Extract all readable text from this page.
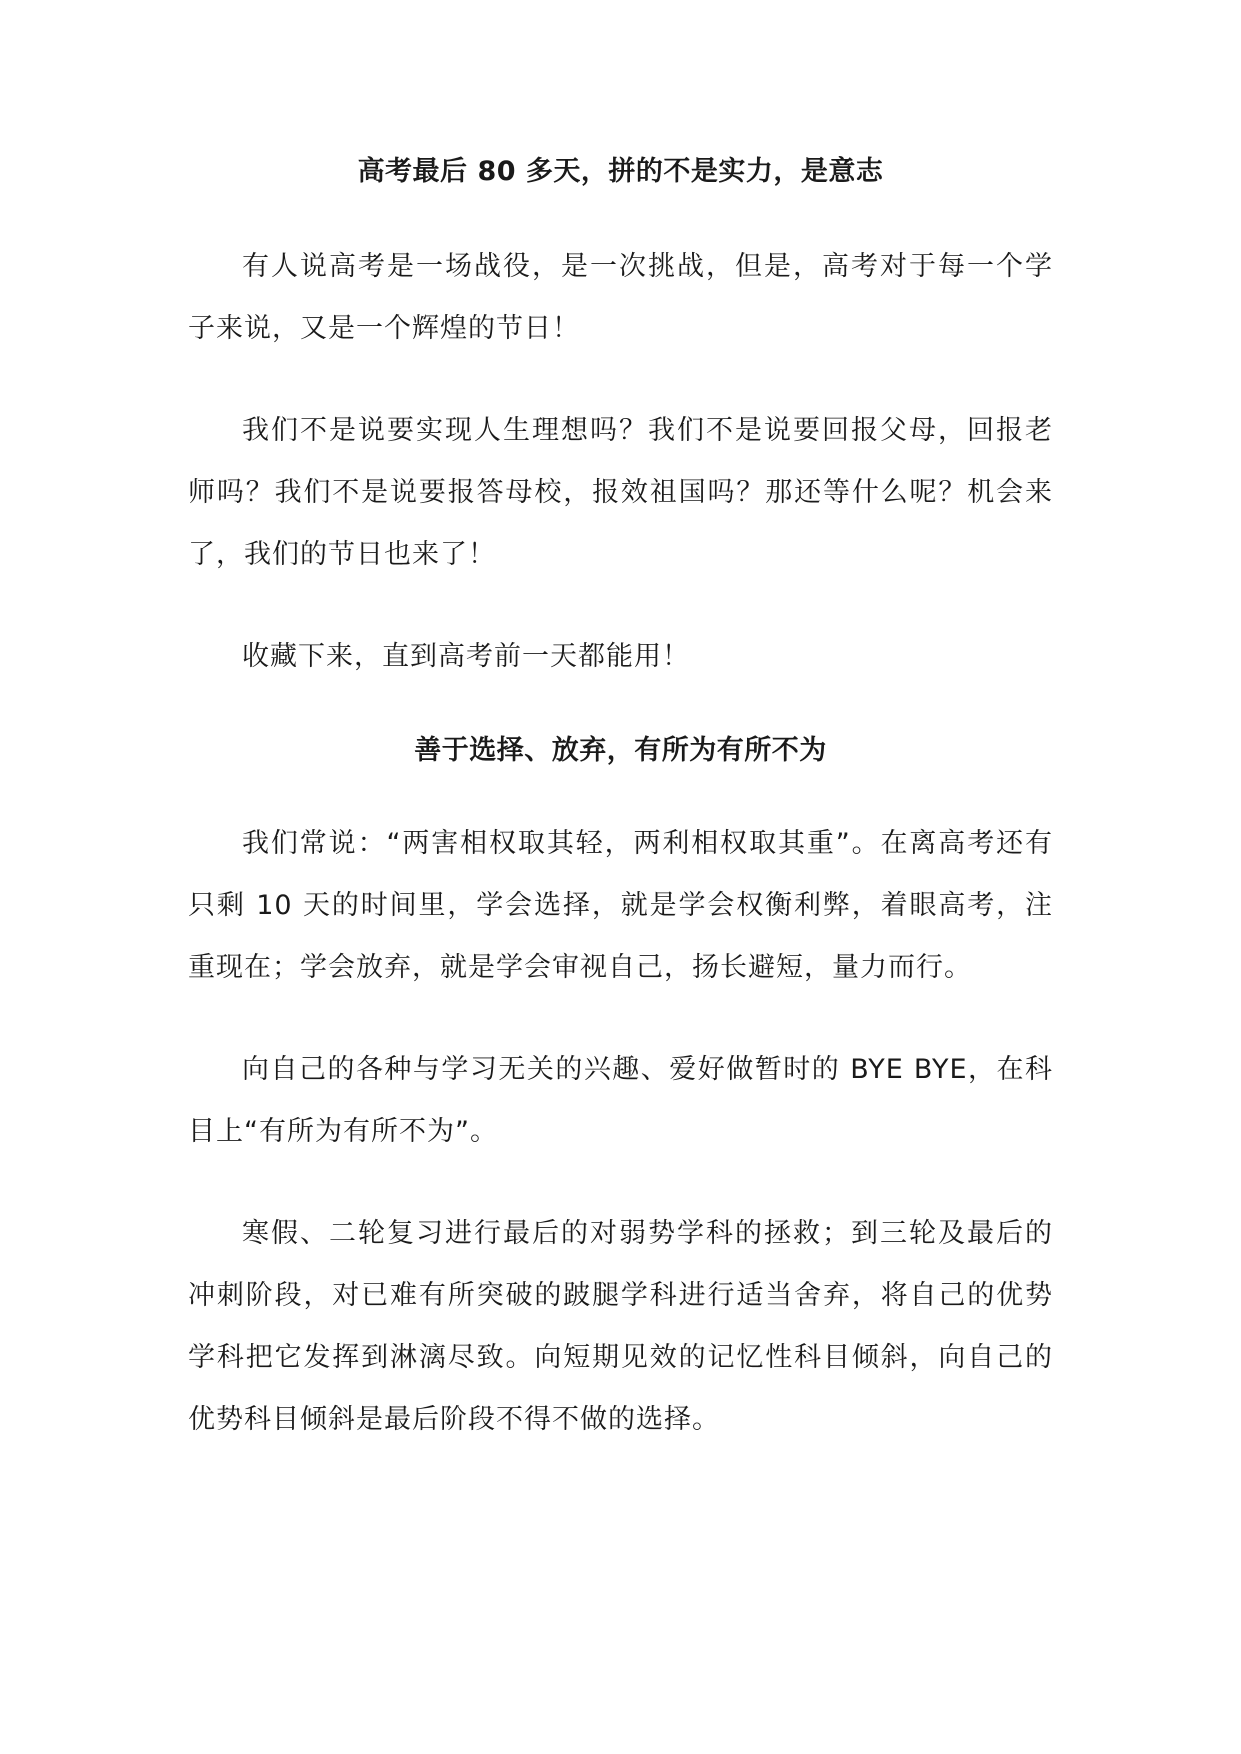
高考最后 80 多天，拼的不是实力，是意志

有人说高考是一场战役，是一次挑战，但是，高考对于每一个学子来说，又是一个辉煌的节日！

我们不是说要实现人生理想吗？我们不是说要回报父母，回报老师吗？我们不是说要报答母校，报效祖国吗？那还等什么呢？机会来了，我们的节日也来了！

收藏下来，直到高考前一天都能用！

善于选择、放弃，有所为有所不为

我们常说：“两害相权取其轻，两利相权取其重”。在离高考还有只剩 10 天的时间里，学会选择，就是学会权衡利弊，着眼高考，注重现在；学会放弃，就是学会审视自己，扬长避短，量力而行。

向自己的各种与学习无关的兴趣、爱好做暂时的 BYE BYE，在科目上“有所为有所不为”。

寒假、二轮复习进行最后的对弱势学科的拯救；到三轮及最后的冲刺阶段，对已难有所突破的跛腿学科进行适当舍弃，将自己的优势学科把它发挥到淋漓尽致。向短期见效的记忆性科目倾斜，向自己的优势科目倾斜是最后阶段不得不做的选择。
